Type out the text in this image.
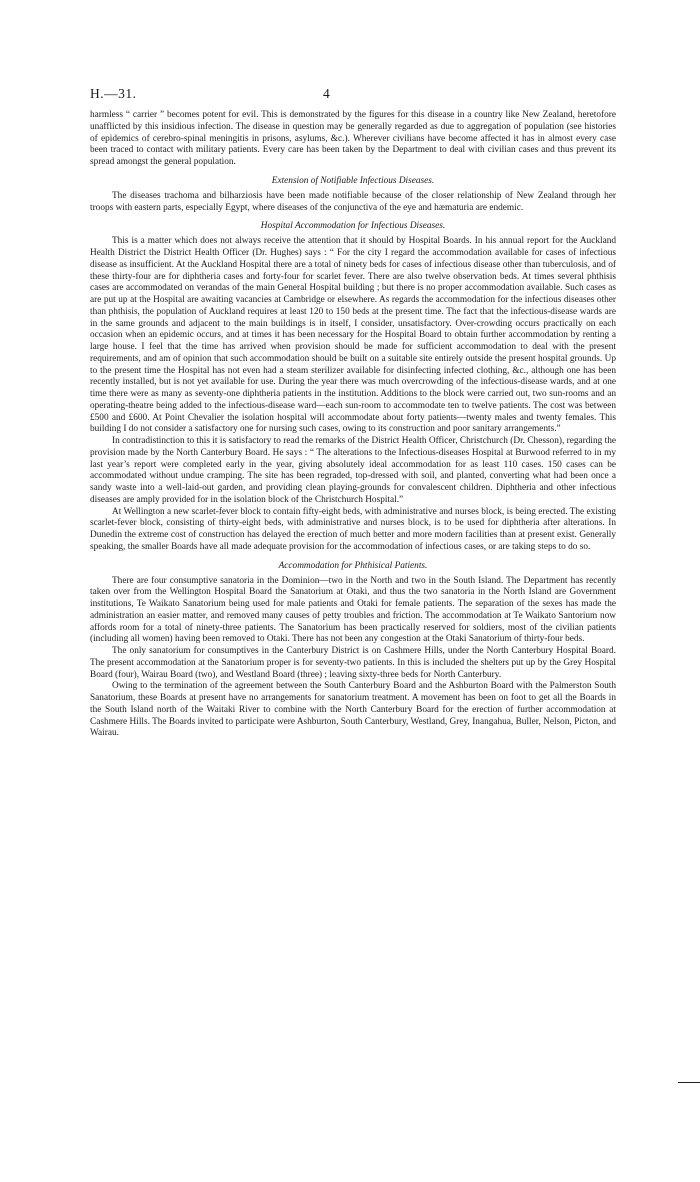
H.—31.	4

harmless “ carrier ” becomes potent for evil. This is demonstrated by the figures for this disease in a country like New Zealand, heretofore unafflicted by this insidious infection. The disease in question may be generally regarded as due to aggregation of population (see histories of epidemics of cerebro-spinal meningitis in prisons, asylums, &c.). Wherever civilians have become affected it has in almost every case been traced to contact with military patients. Every care has been taken by the Department to deal with civilian cases and thus prevent its spread amongst the general population.

Extension of Notifiable Infectious Diseases.

The diseases trachoma and bilharziosis have been made notifiable because of the closer relationship of New Zealand through her troops with eastern parts, especially Egypt, where diseases of the conjunctiva of the eye and hæmaturia are endemic.

Hospital Accommodation for Infectious Diseases.

This is a matter which does not always receive the attention that it should by Hospital Boards. In his annual report for the Auckland Health District the District Health Officer (Dr. Hughes) says : “ For the city I regard the accommodation available for cases of infectious disease as insufficient. At the Auckland Hospital there are a total of ninety beds for cases of infectious disease other than tuberculosis, and of these thirty-four are for diphtheria cases and forty-four for scarlet fever. There are also twelve observation beds. At times several phthisis cases are accommodated on verandas of the main General Hospital building ; but there is no proper accommodation available. Such cases as are put up at the Hospital are awaiting vacancies at Cambridge or elsewhere. As regards the accommodation for the infectious diseases other than phthisis, the population of Auckland requires at least 120 to 150 beds at the present time. The fact that the infectious-disease wards are in the same grounds and adjacent to the main buildings is in itself, I consider, unsatisfactory. Over-crowding occurs practically on each occasion when an epidemic occurs, and at times it has been necessary for the Hospital Board to obtain further accommodation by renting a large house. I feel that the time has arrived when provision should be made for sufficient accommodation to deal with the present requirements, and am of opinion that such accommodation should be built on a suitable site entirely outside the present hospital grounds. Up to the present time the Hospital has not even had a steam sterilizer available for disinfecting infected clothing, &c., although one has been recently installed, but is not yet available for use. During the year there was much overcrowding of the infectious-disease wards, and at one time there were as many as seventy-one diphtheria patients in the institution. Additions to the block were carried out, two sun-rooms and an operating-theatre being added to the infectious-disease ward—each sun-room to accommodate ten to twelve patients. The cost was between £500 and £600. At Point Chevalier the isolation hospital will accommodate about forty patients—twenty males and twenty females. This building I do not consider a satisfactory one for nursing such cases, owing to its construction and poor sanitary arrangements.”

In contradistinction to this it is satisfactory to read the remarks of the District Health Officer, Christchurch (Dr. Chesson), regarding the provision made by the North Canterbury Board. He says : “ The alterations to the Infectious-diseases Hospital at Burwood referred to in my last year’s report were completed early in the year, giving absolutely ideal accommodation for as least 110 cases. 150 cases can be accommodated without undue cramping. The site has been regraded, top-dressed with soil, and planted, converting what had been once a sandy waste into a well-laid-out garden, and providing clean playing-grounds for convalescent children. Diphtheria and other infectious diseases are amply provided for in the isolation block of the Christchurch Hospital.”

At Wellington a new scarlet-fever block to contain fifty-eight beds, with administrative and nurses block, is being erected. The existing scarlet-fever block, consisting of thirty-eight beds, with administrative and nurses block, is to be used for diphtheria after alterations. In Dunedin the extreme cost of construction has delayed the erection of much better and more modern facilities than at present exist. Generally speaking, the smaller Boards have all made adequate provision for the accommodation of infectious cases, or are taking steps to do so.

Accommodation for Phthisical Patients.

There are four consumptive sanatoria in the Dominion—two in the North and two in the South Island. The Department has recently taken over from the Wellington Hospital Board the Sanatorium at Otaki, and thus the two sanatoria in the North Island are Government institutions, Te Waikato Sanatorium being used for male patients and Otaki for female patients. The separation of the sexes has made the administration an easier matter, and removed many causes of petty troubles and friction. The accommodation at Te Waikato Santorium now affords room for a total of ninety-three patients. The Sanatorium has been practically reserved for soldiers, most of the civilian patients (including all women) having been removed to Otaki. There has not been any congestion at the Otaki Sanatorium of thirty-four beds.

The only sanatorium for consumptives in the Canterbury District is on Cashmere Hills, under the North Canterbury Hospital Board. The present accommodation at the Sanatorium proper is for seventy-two patients. In this is included the shelters put up by the Grey Hospital Board (four), Wairau Board (two), and Westland Board (three) ; leaving sixty-three beds for North Canterbury.

Owing to the termination of the agreement between the South Canterbury Board and the Ashburton Board with the Palmerston South Sanatorium, these Boards at present have no arrangements for sanatorium treatment. A movement has been on foot to get all the Boards in the South Island north of the Waitaki River to combine with the North Canterbury Board for the erection of further accommodation at Cashmere Hills. The Boards invited to participate were Ashburton, South Canterbury, Westland, Grey, Inangahua, Buller, Nelson, Picton, and Wairau.
